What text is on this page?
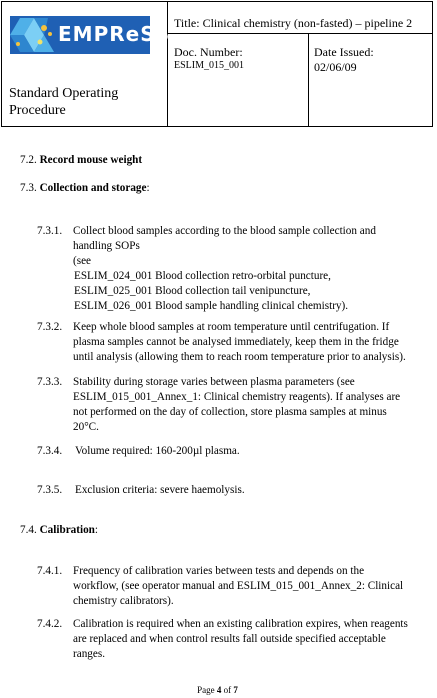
EMPReSS
Standard Operating Procedure
Title: Clinical chemistry (non-fasted) – pipeline 2
Doc. Number:
ESLIM_015_001
Date Issued:
02/06/09
7.2. Record mouse weight
7.3. Collection and storage:
7.3.1. Collect blood samples according to the blood sample collection and
handling SOPs
(see
ESLIM_024_001 Blood collection retro-orbital puncture,
ESLIM_025_001 Blood collection tail venipuncture,
ESLIM_026_001 Blood sample handling clinical chemistry).
7.3.2. Keep whole blood samples at room temperature until centrifugation. If
plasma samples cannot be analysed immediately, keep them in the fridge
until analysis (allowing them to reach room temperature prior to analysis).
7.3.3. Stability during storage varies between plasma parameters (see
ESLIM_015_001_Annex_1: Clinical chemistry reagents). If analyses are
not performed on the day of collection, store plasma samples at minus
20°C.
7.3.4. Volume required: 160-200µl plasma.
7.3.5. Exclusion criteria: severe haemolysis.
7.4. Calibration:
7.4.1. Frequency of calibration varies between tests and depends on the
workflow, (see operator manual and ESLIM_015_001_Annex_2: Clinical
chemistry calibrators).
7.4.2. Calibration is required when an existing calibration expires, when reagents
are replaced and when control results fall outside specified acceptable
ranges.
Page 4 of 7
